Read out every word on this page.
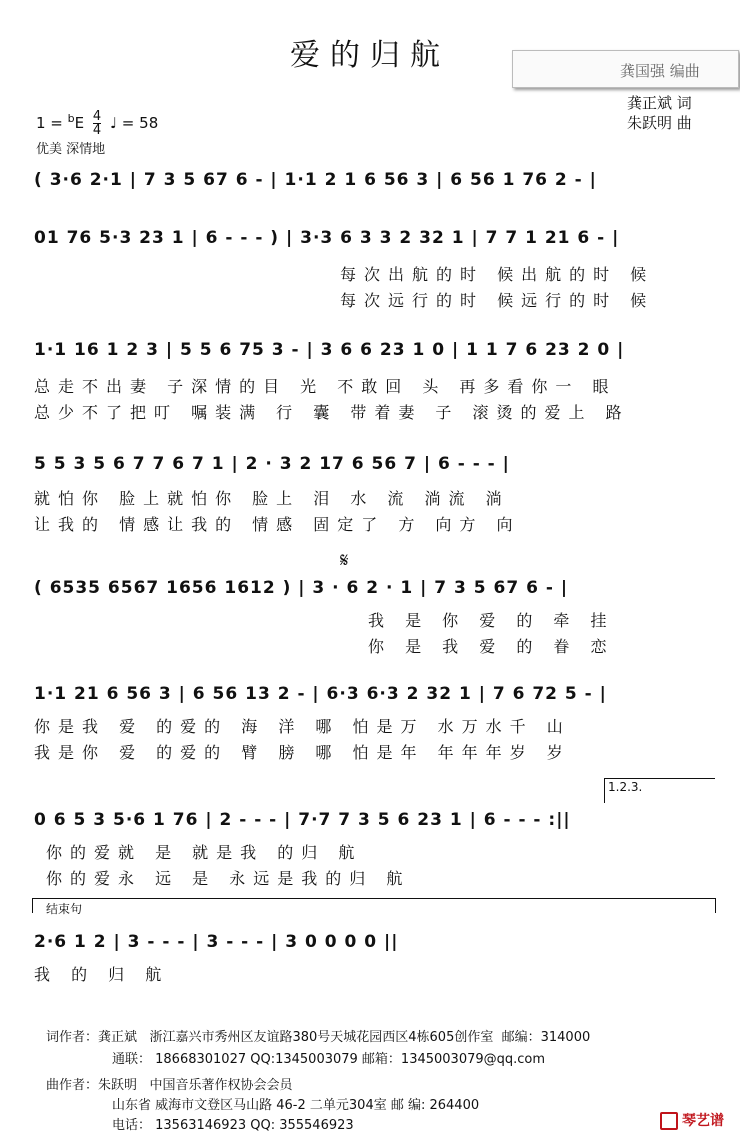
爱的归航	龚国强 编曲
龚正斌 词
朱跃明 曲
$1 = ^bE \frac{4}{4}$ ♩ = 58
优美 深情地
( 3·6 2·1 | 7 3 5 67 6 - | 1·1 2 1 6 56 3 | 6 56 1 76 2 - |
01 76 5·3 23 1 | 6 - - - ) | 3·3 6 3 3 2 32 1 | 7 7 1 21 6 - |
每次出航的时 候出航的时 候
每次远行的时 候远行的时 候
1·1 16 1 2 3 | 5 5 6 75 3 - | 3 6 6 23 1 0 | 1 1 7 6 23 2 0 |
总走不出妻 子深情的目 光 不敢回 头 再多看你一 眼
总少不了把叮 嘱装满 行 囊 带着妻 子 滚烫的爱上 路
5 5 3 5 6 7 7 6 7 1 | 2 · 3 2 17 6 56 7 | 6 - - - |
就怕你 脸上就怕你 脸上 泪 水 流 淌流 淌
让我的 情感让我的 情感 固定了 方 向方 向
𝄋
( 6535 6567 1656 1612 ) | 3 · 6 2 · 1 | 7 3 5 67 6 - |
我 是 你 爱 的 牵 挂
你 是 我 爱 的 眷 恋
1·1 21 6 56 3 | 6 56 13 2 - | 6·3 6·3 2 32 1 | 7 6 72 5 - |
你是我 爱 的爱的 海 洋 哪 怕是万 水万水千 山
我是你 爱 的爱的 臂 膀 哪 怕是年 年年年岁 岁
1.2.3.
0 6 5 3 5·6 1 76 | 2 - - - | 7·7 7 3 5 6 23 1 | 6 - - - :||
你的爱就 是 就是我 的归 航
你的爱永 远 是 永远是我的归 航
结束句
2·6 1 2 | 3 - - - | 3 - - - | 3 0 0 0 0 ||
我 的 归 航
词作者：龚正斌 浙江嘉兴市秀州区友谊路380号天城花园西区4栋605创作室 邮编：314000
通联： 18668301027 QQ:1345003079 邮箱：1345003079@qq.com
曲作者：朱跃明 中国音乐著作权协会会员
山东省 威海市文登区马山路 46-2 二单元304室 邮 编: 264400
电话： 13563146923 QQ: 355546923	琴艺谱
